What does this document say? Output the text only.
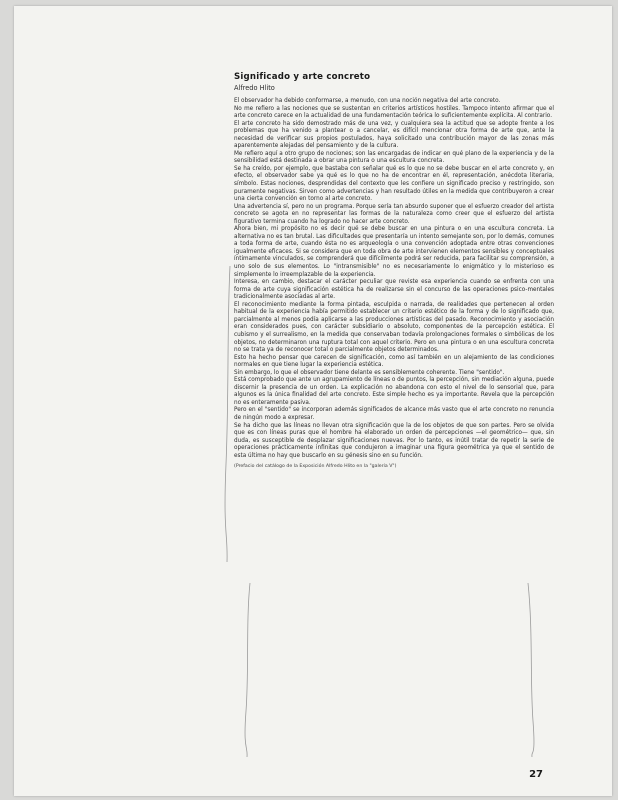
Significado y arte concreto
Alfredo Hlito

El observador ha debido conformarse, a menudo, con una noción negativa del arte concreto.

No me refiero a las nociones que se sustentan en criterios artísticos hostiles. Tampoco intento afirmar que el arte concreto carece en la actualidad de una fundamentación teórica lo suficientemente explícita. Al contrario.

El arte concreto ha sido demostrado más de una vez, y cualquiera sea la actitud que se adopte frente a los problemas que ha venido a plantear o a cancelar, es difícil mencionar otra forma de arte que, ante la necesidad de verificar sus propios postulados, haya solicitado una contribución mayor de las zonas más aparentemente alejadas del pensamiento y de la cultura.

Me refiero aquí a otro grupo de nociones; son las encargadas de indicar en qué plano de la experiencia y de la sensibilidad está destinada a obrar una pintura o una escultura concreta.

Se ha creído, por ejemplo, que bastaba con señalar qué es lo que no se debe buscar en el arte concreto y, en efecto, el observador sabe ya qué es lo que no ha de encontrar en él, representación, anécdota literaria, símbolo. Estas nociones, desprendidas del contexto que les confiere un significado preciso y restringido, son puramente negativas. Sirven como advertencias y han resultado útiles en la medida que contribuyeron a crear una cierta convención en torno al arte concreto.

Una advertencia sí, pero no un programa. Porque sería tan absurdo suponer que el esfuerzo creador del artista concreto se agota en no representar las formas de la naturaleza como creer que el esfuerzo del artista figurativo termina cuando ha logrado no hacer arte concreto.

Ahora bien, mi propósito no es decir qué se debe buscar en una pintura o en una escultura concreta. La alternativa no es tan brutal. Las dificultades que presentaría un intento semejante son, por lo demás, comunes a toda forma de arte, cuando ésta no es arqueología o una convención adoptada entre otras convenciones igualmente eficaces. Si se considera que en toda obra de arte intervienen elementos sensibles y conceptuales íntimamente vinculados, se comprenderá que difícilmente podrá ser reducida, para facilitar su comprensión, a uno solo de sus elementos. Lo "intransmisible" no es necesariamente lo enigmático y lo misterioso es simplemente lo irreemplazable de la experiencia.

Interesa, en cambio, destacar el carácter peculiar que reviste esa experiencia cuando se enfrenta con una forma de arte cuya significación estética ha de realizarse sin el concurso de las operaciones psico-mentales tradicionalmente asociadas al arte.

El reconocimiento mediante la forma pintada, esculpida o narrada, de realidades que pertenecen al orden habitual de la experiencia había permitido establecer un criterio estético de la forma y de lo significado que, parcialmente al menos podía aplicarse a las producciones artísticas del pasado. Reconocimiento y asociación eran considerados pues, con carácter subsidiario o absoluto, componentes de la percepción estética. El cubismo y el surrealismo, en la medida que conservaban todavía prolongaciones formales o simbólicas de los objetos, no determinaron una ruptura total con aquel criterio. Pero en una pintura o en una escultura concreta no se trata ya de reconocer total o parcialmente objetos determinados.

Esto ha hecho pensar que carecen de significación, como así también en un alejamiento de las condiciones normales en que tiene lugar la experiencia estética.

Sin embargo, lo que el observador tiene delante es sensiblemente coherente. Tiene "sentido".

Está comprobado que ante un agrupamiento de líneas o de puntos, la percepción, sin mediación alguna, puede discernir la presencia de un orden. La explicación no abandona con esto el nivel de lo sensorial que, para algunos es la única finalidad del arte concreto. Este simple hecho es ya importante. Revela que la percepción no es enteramente pasiva.

Pero en el "sentido" se incorporan además significados de alcance más vasto que el arte concreto no renuncia de ningún modo a expresar.

Se ha dicho que las líneas no llevan otra significación que la de los objetos de que son partes. Pero se olvida que es con líneas puras que el hombre ha elaborado un orden de percepciones —el geométrico— que, sin duda, es susceptible de desplazar significaciones nuevas. Por lo tanto, es inútil tratar de repetir la serie de operaciones prácticamente infinitas que condujeron a imaginar una figura geométrica ya que el sentido de esta última no hay que buscarlo en su génesis sino en su función.

(Prefacio del catálogo de la Exposición Alfredo Hlito en la "galería V")

27
